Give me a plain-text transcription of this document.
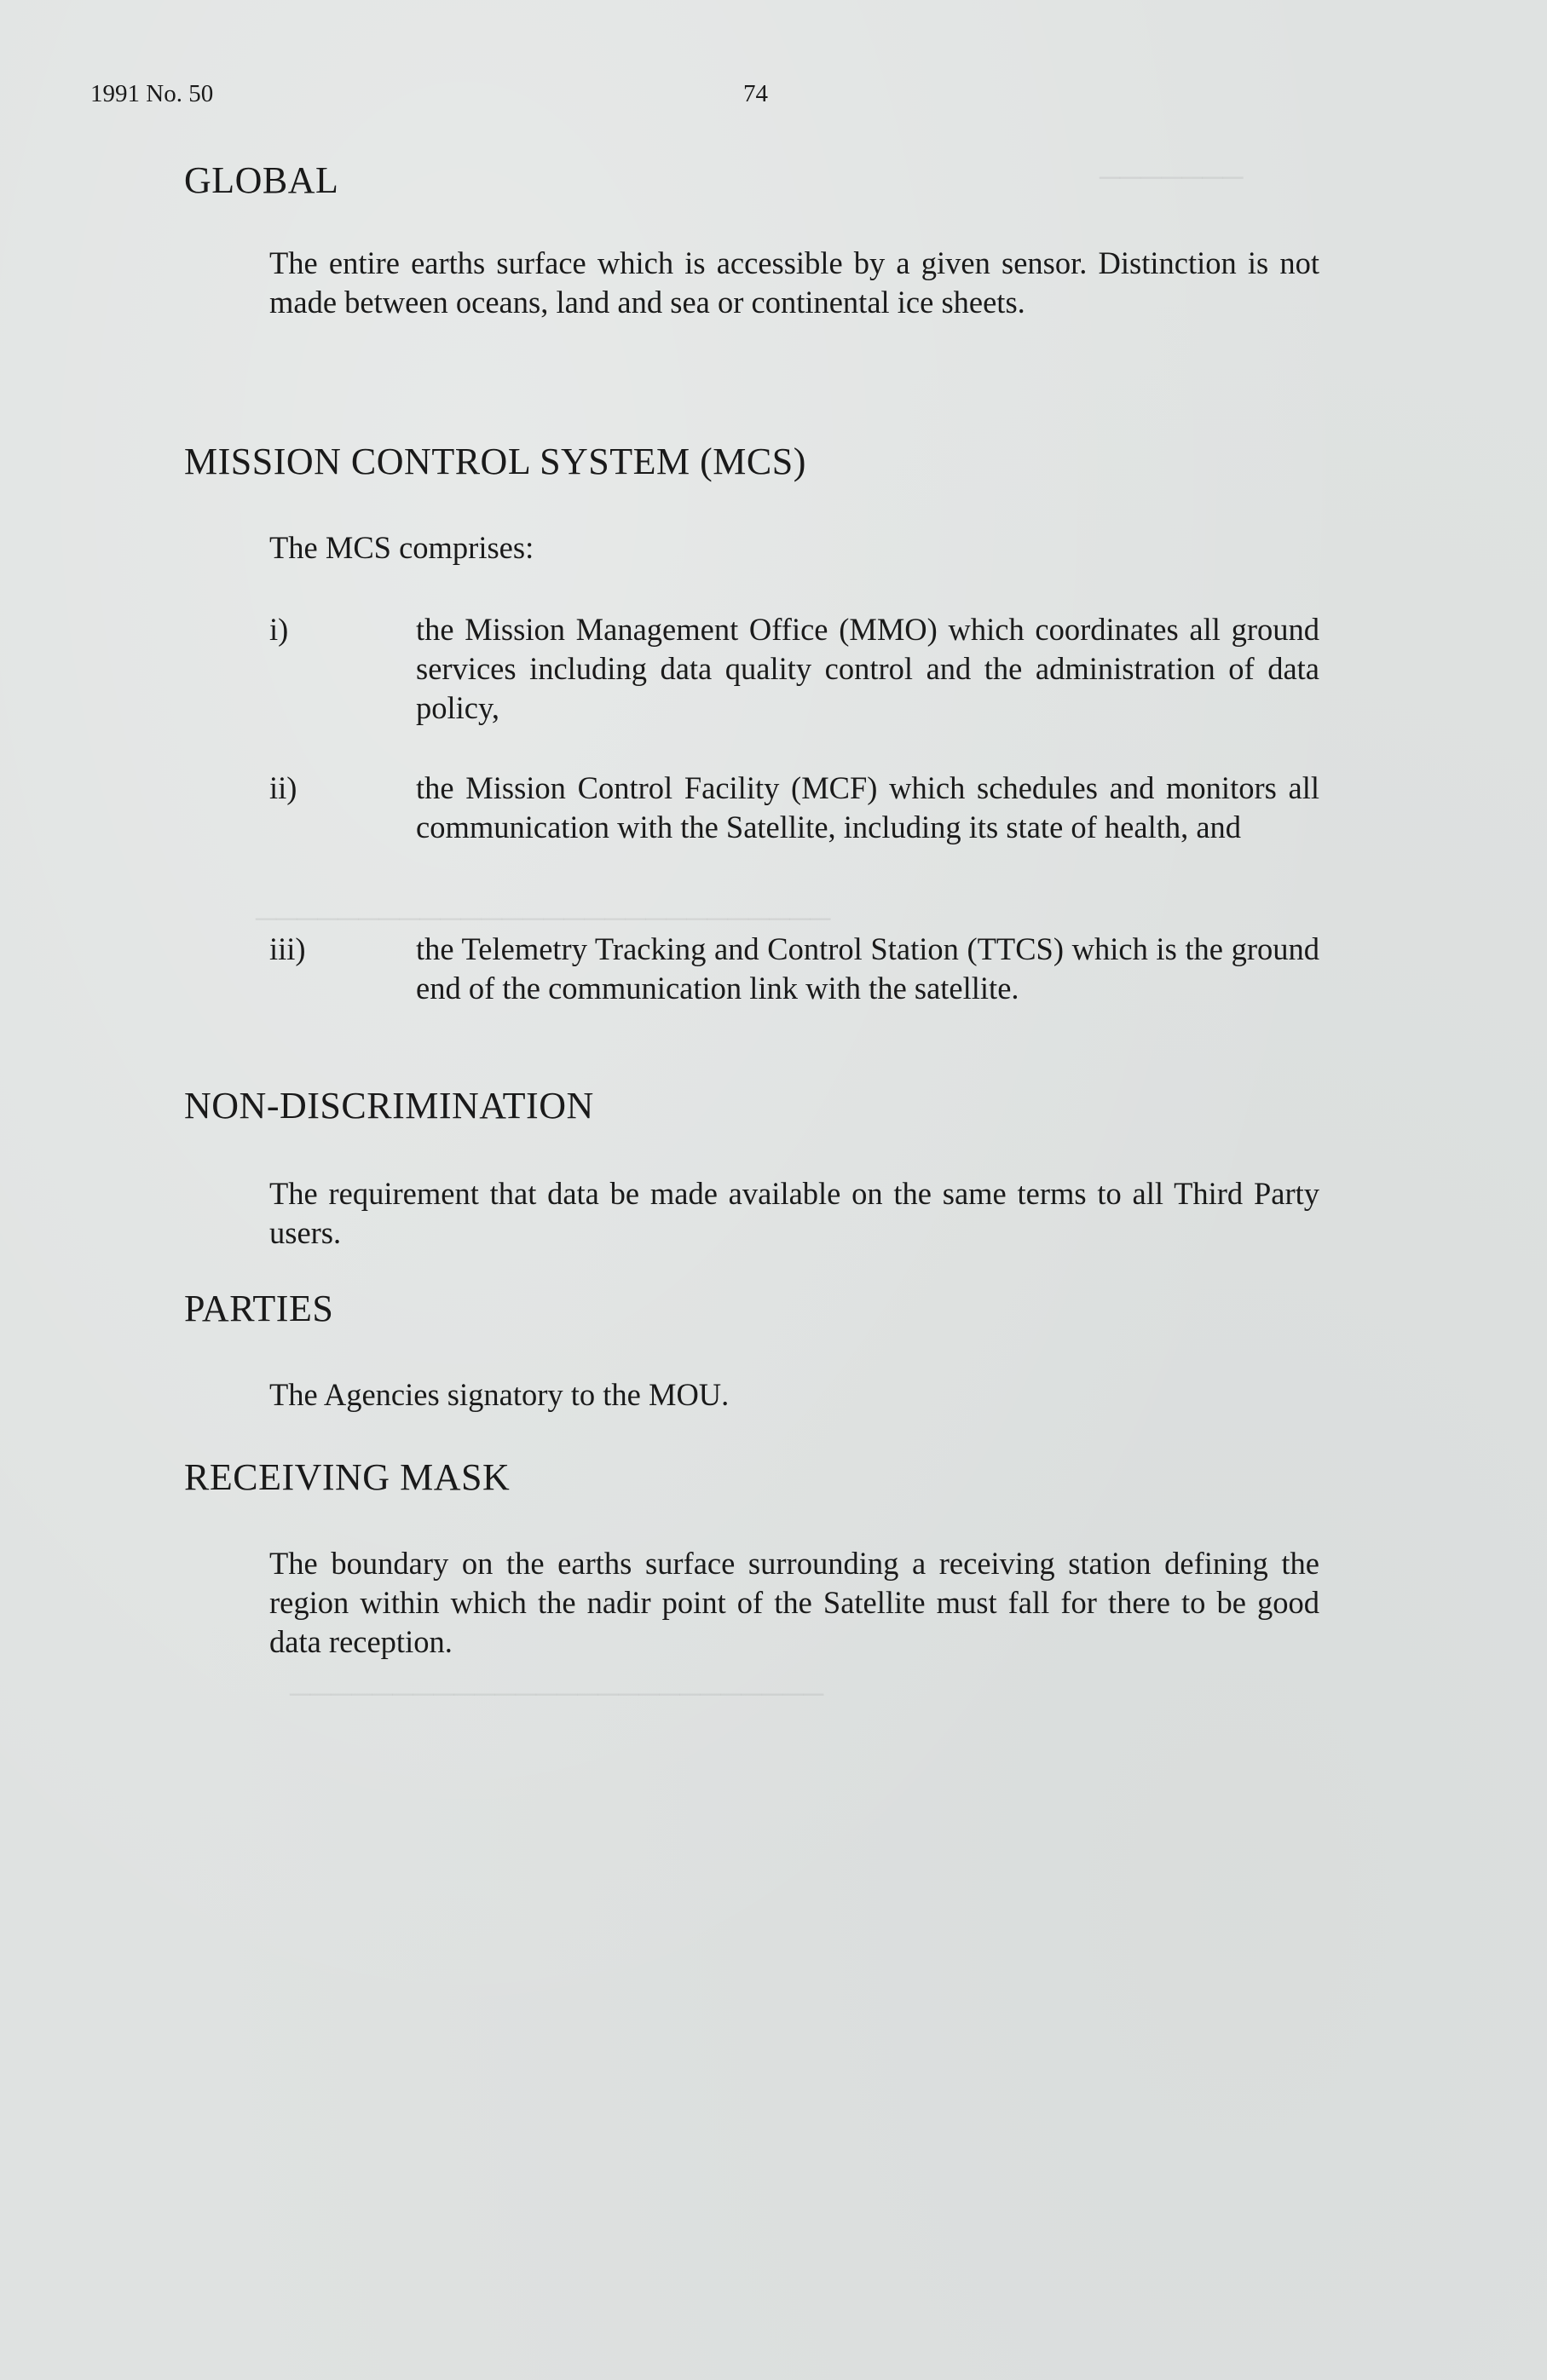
───────
────────────────────────────
──────────────────────────
1991 No. 50	74
GLOBAL
The entire earths surface which is accessible by a given sensor. Distinction is not made between oceans, land and sea or continental ice sheets.
MISSION CONTROL SYSTEM (MCS)
The MCS comprises:
i)	the Mission Management Office (MMO) which coordinates all ground services including data quality control and the administration of data policy,
ii)	the Mission Control Facility (MCF) which schedules and monitors all communication with the Satellite, including its state of health, and
iii)	the Telemetry Tracking and Control Station (TTCS) which is the ground end of the communication link with the satellite.
NON-DISCRIMINATION
The requirement that data be made available on the same terms to all Third Party users.
PARTIES
The Agencies signatory to the MOU.
RECEIVING MASK
The boundary on the earths surface surrounding a receiving station defining the region within which the nadir point of the Satellite must fall for there to be good data reception.
